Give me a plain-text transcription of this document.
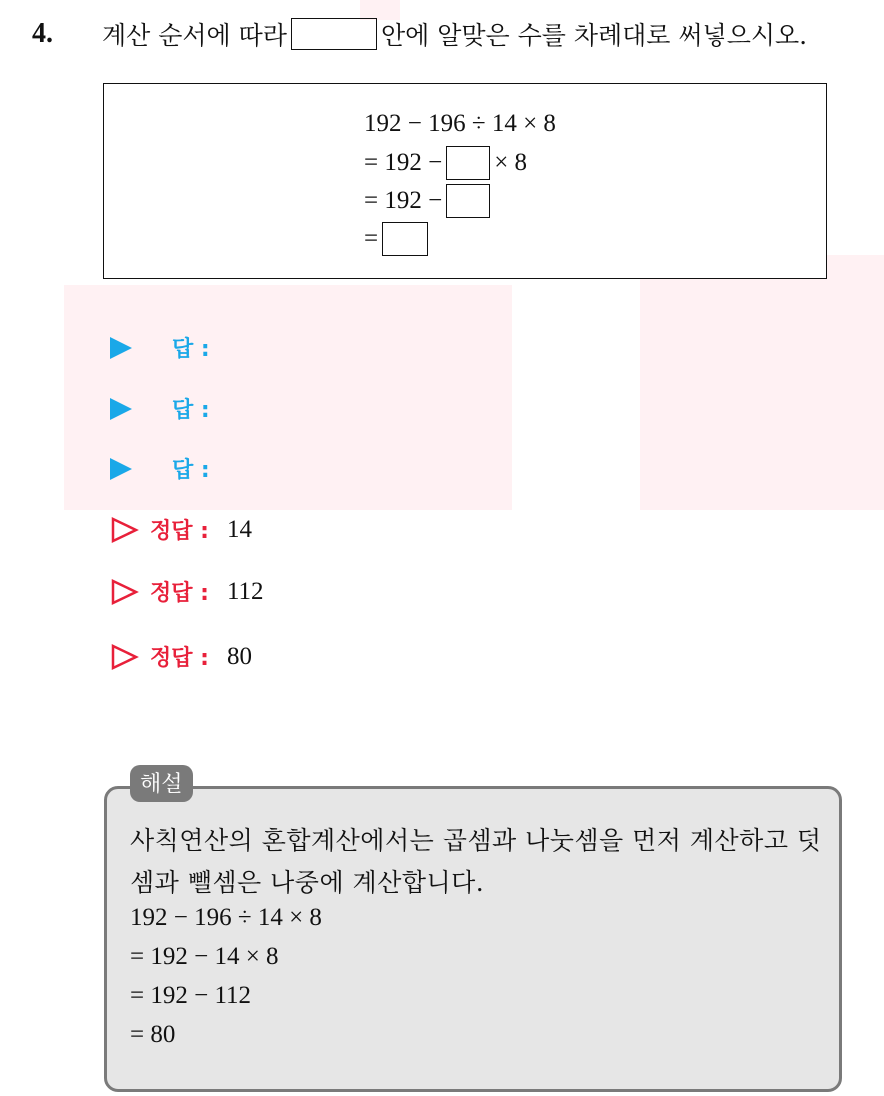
4. 계산 순서에 따라	안에 알맞은 수를 차례대로 써넣으시오.
192 − 196 ÷ 14 × 8
= 192 − × 8
= 192 −
=
답 :
답 :
답 :
정답 : 14
정답 : 112
정답 : 80
해설
사칙연산의 혼합계산에서는 곱셈과 나눗셈을 먼저 계산하고 덧셈과 뺄셈은 나중에 계산합니다.
192 − 196 ÷ 14 × 8
= 192 − 14 × 8
= 192 − 112
= 80
